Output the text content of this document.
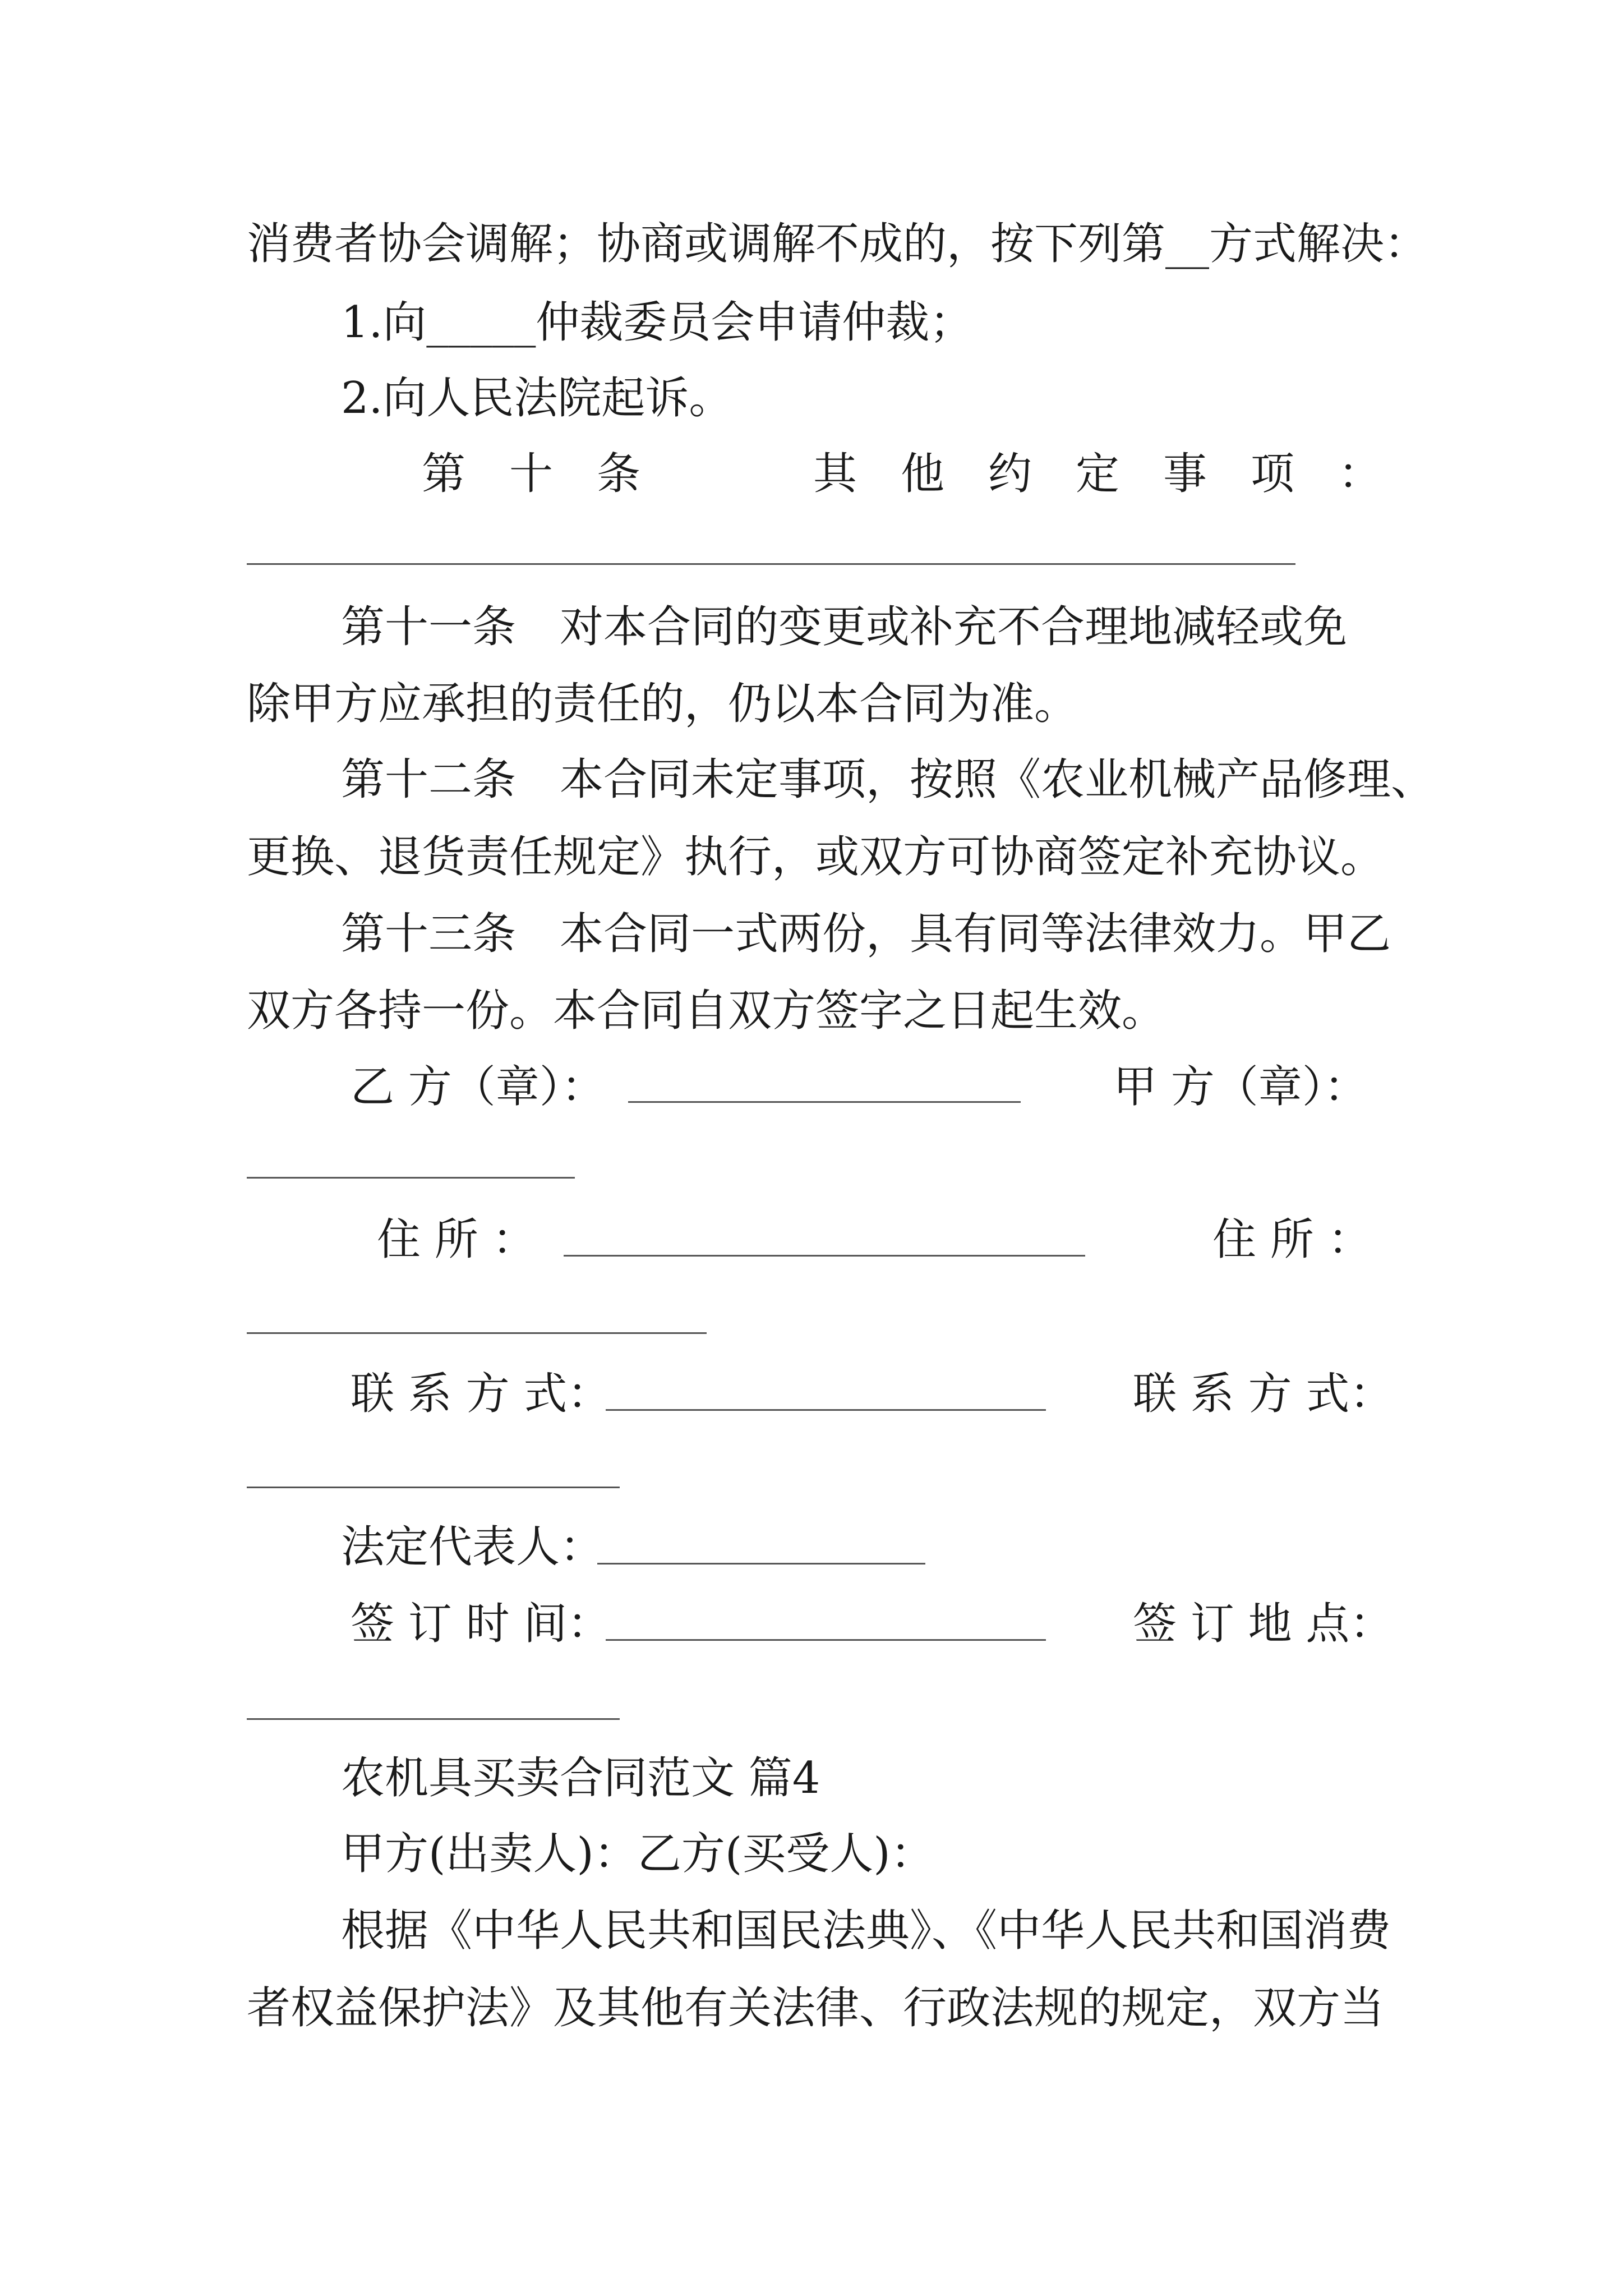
消费者协会调解；协商或调解不成的，按下列第__方式解决：
1.向_____仲裁委员会申请仲裁；
2.向人民法院起诉。
第　十　条	其　他　约　定　事　项　：
第十一条　对本合同的变更或补充不合理地减轻或免
除甲方应承担的责任的，仍以本合同为准。
第十二条　本合同未定事项，按照《农业机械产品修理、
更换、退货责任规定》执行，或双方可协商签定补充协议。
第十三条　本合同一式两份，具有同等法律效力。甲乙
双方各持一份。本合同自双方签字之日起生效。
乙 方（章）：	甲 方（章）：
住 所 ：	住 所 ：
联 系 方 式：	联 系 方 式：
法定代表人：
签 订 时 间：	签 订 地 点：
农机具买卖合同范文 篇4
甲方(出卖人)：乙方(买受人)：
根据《中华人民共和国民法典》、《中华人民共和国消费
者权益保护法》及其他有关法律、行政法规的规定，双方当
